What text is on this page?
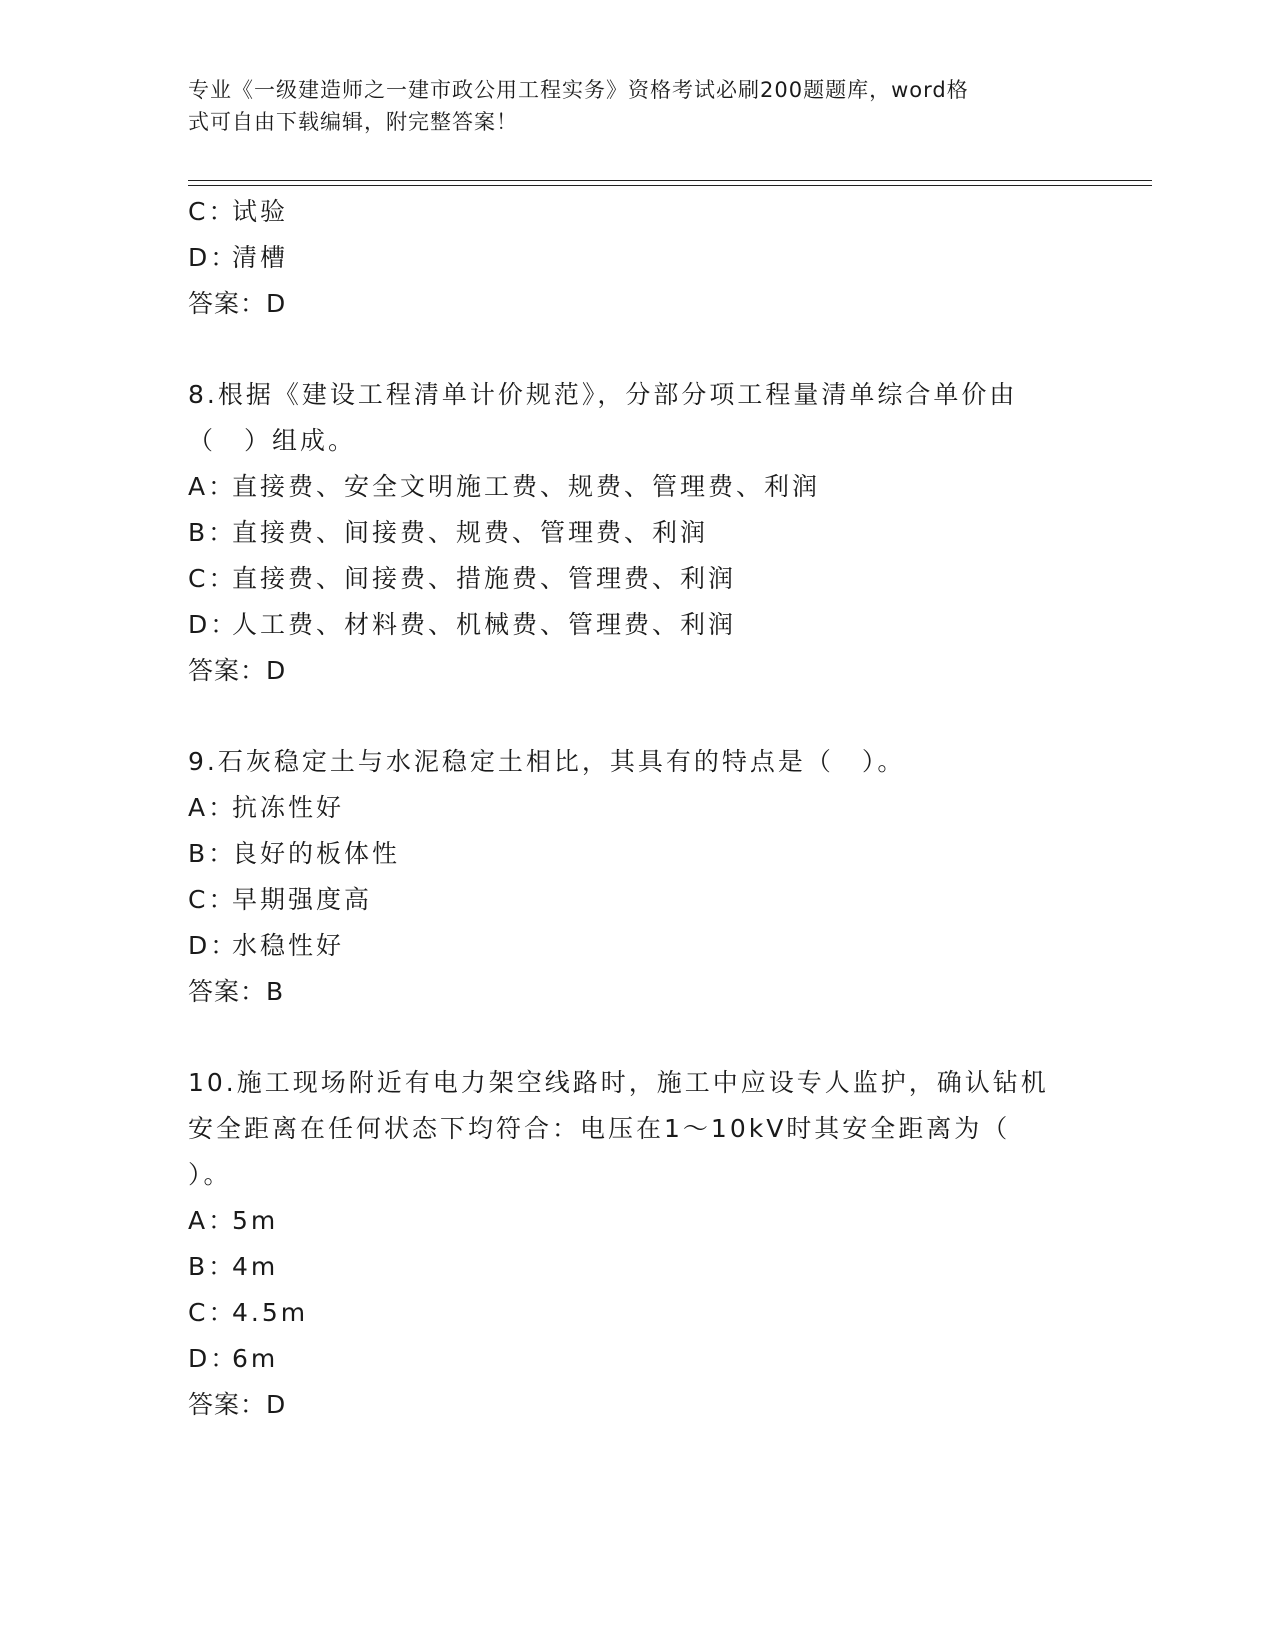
专业《一级建造师之一建市政公用工程实务》资格考试必刷200题题库，word格
式可自由下载编辑，附完整答案！
C：
试验
D：
清槽
答案：D
8.根据《建设工程清单计价规范》，分部分项工程量清单综合单价由
（　）组成。
A：
直接费、安全文明施工费、规费、管理费、利润
B：
直接费、间接费、规费、管理费、利润
C：
直接费、间接费、措施费、管理费、利润
D：
人工费、材料费、机械费、管理费、利润
答案：D
9.石灰稳定土与水泥稳定土相比，其具有的特点是（　）。
A：
抗冻性好
B：
良好的板体性
C：
早期强度高
D：
水稳性好
答案：B
10.施工现场附近有电力架空线路时，施工中应设专人监护，确认钻机
安全距离在任何状态下均符合：电压在1～10kV时其安全距离为（
）。
A：
5m
B：
4m
C：
4.5m
D：
6m
答案：D
